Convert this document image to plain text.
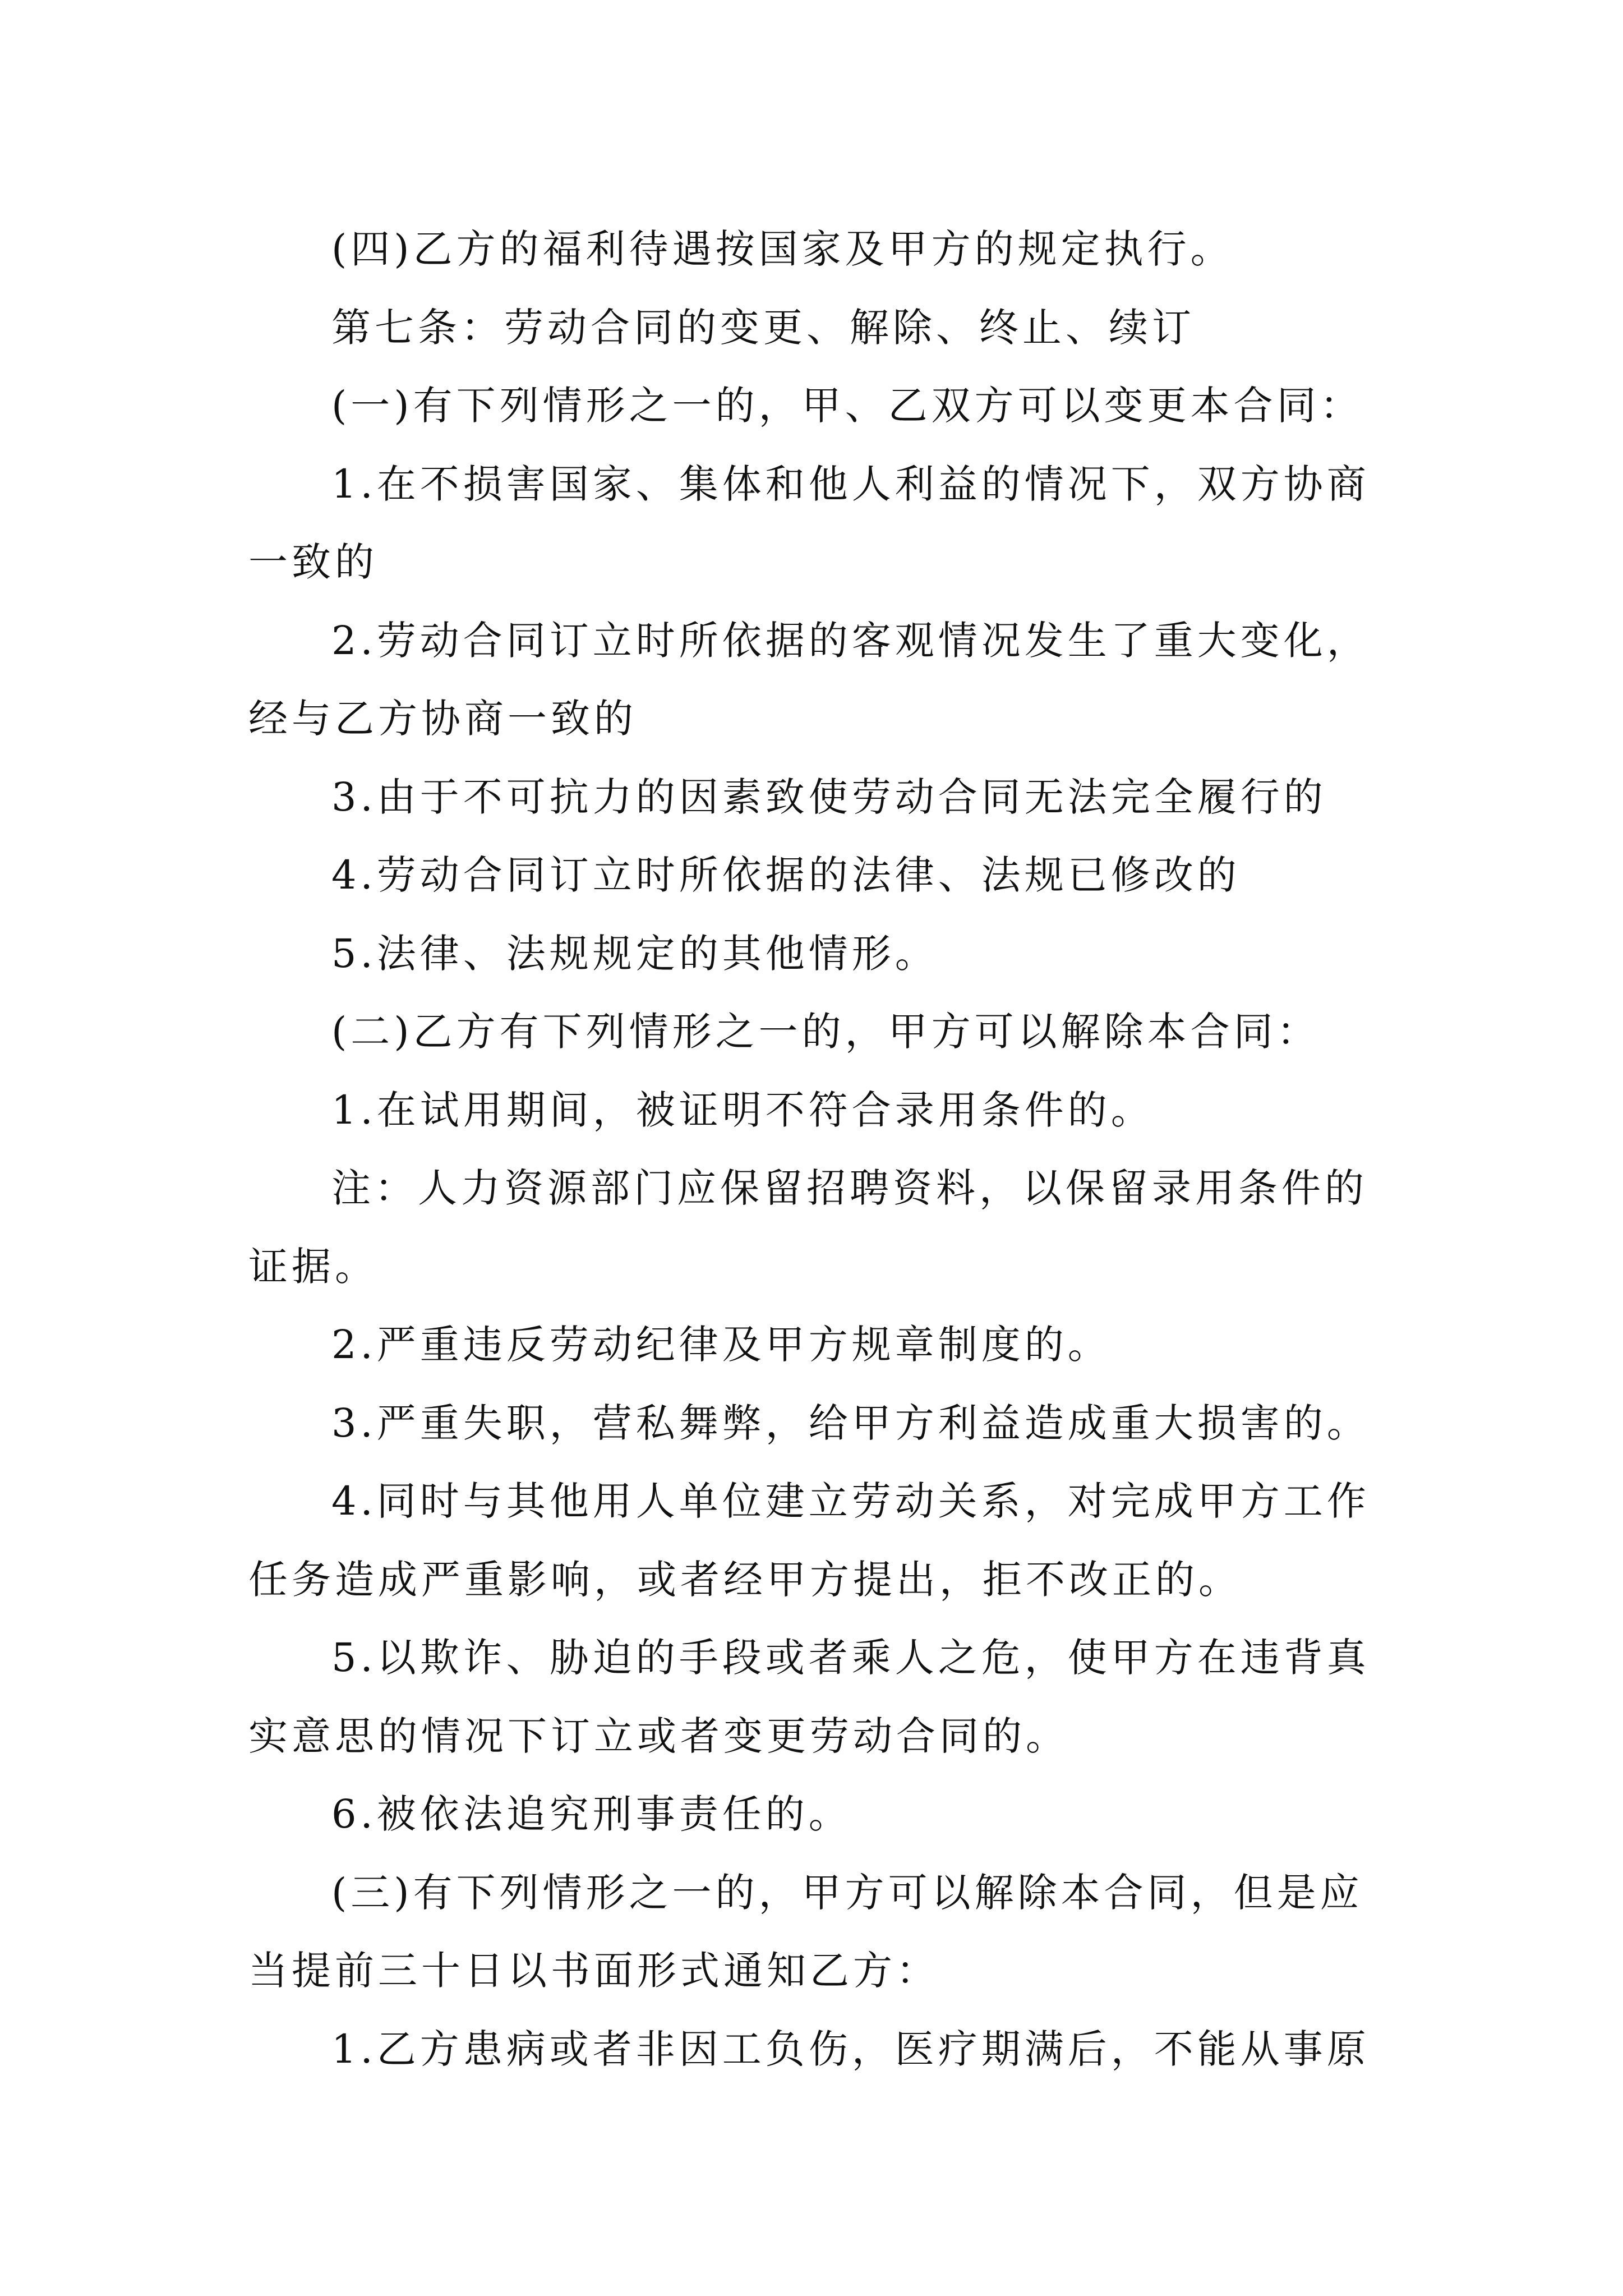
(四)乙方的福利待遇按国家及甲方的规定执行。

第七条：劳动合同的变更、解除、终止、续订

(一)有下列情形之一的，甲、乙双方可以变更本合同：

1.在不损害国家、集体和他人利益的情况下，双方协商一致的

2.劳动合同订立时所依据的客观情况发生了重大变化，经与乙方协商一致的

3.由于不可抗力的因素致使劳动合同无法完全履行的

4.劳动合同订立时所依据的法律、法规已修改的

5.法律、法规规定的其他情形。

(二)乙方有下列情形之一的，甲方可以解除本合同：

1.在试用期间，被证明不符合录用条件的。

注：人力资源部门应保留招聘资料，以保留录用条件的证据。

2.严重违反劳动纪律及甲方规章制度的。

3.严重失职，营私舞弊，给甲方利益造成重大损害的。

4.同时与其他用人单位建立劳动关系，对完成甲方工作任务造成严重影响，或者经甲方提出，拒不改正的。

5.以欺诈、胁迫的手段或者乘人之危，使甲方在违背真实意思的情况下订立或者变更劳动合同的。

6.被依法追究刑事责任的。

(三)有下列情形之一的，甲方可以解除本合同，但是应当提前三十日以书面形式通知乙方：

1.乙方患病或者非因工负伤，医疗期满后，不能从事原
